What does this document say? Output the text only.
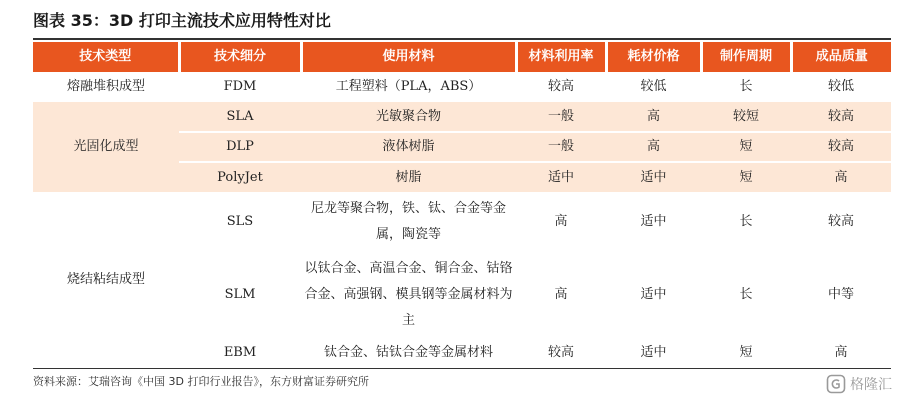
图表 35：3D 打印主流技术应用特性对比
技术类型	技术细分	使用材料	材料利用率	耗材价格	制作周期	成品质量
熔融堆积成型	FDM	工程塑料（PLA，ABS）	较高	较低	长	较低
光固化成型	SLA	光敏聚合物	一般	高	较短	较高
	DLP	液体树脂	一般	高	短	较高
	PolyJet	树脂	适中	适中	短	高
烧结粘结成型	SLS	尼龙等聚合物，铁、钛、合金等金属，陶瓷等	高	适中	长	较高
	SLM	以钛合金、高温合金、铜合金、钴铬合金、高强钢、模具钢等金属材料为主	高	适中	长	中等
	EBM	钛合金、钴钛合金等金属材料	较高	适中	短	高
资料来源：艾瑞咨询《中国 3D 打印行业报告》，东方财富证券研究所	格隆汇
